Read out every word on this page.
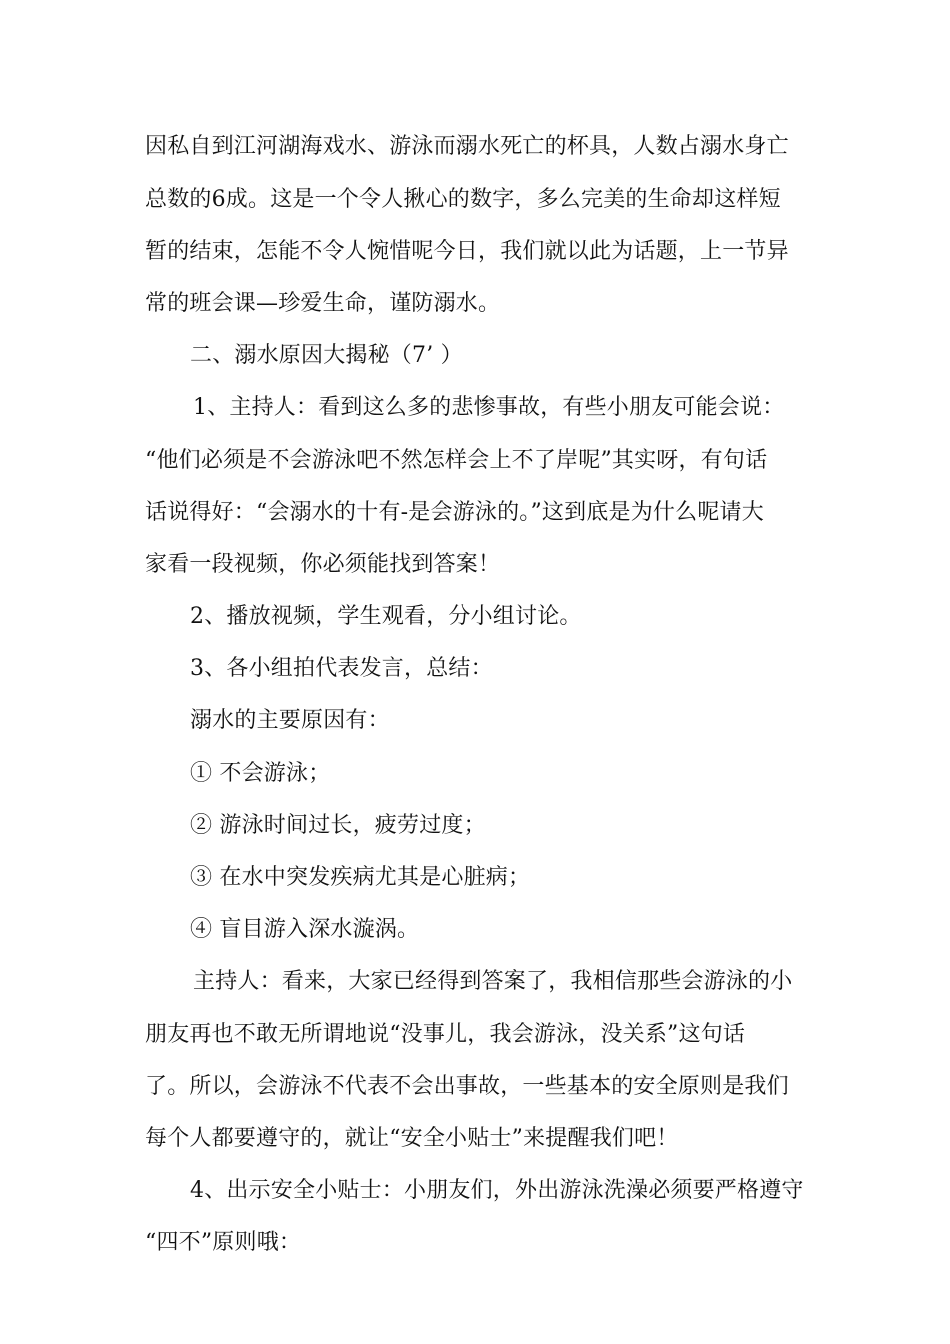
因私自到江河湖海戏水、游泳而溺水死亡的杯具，人数占溺水身亡
总数的6成。这是一个令人揪心的数字，多么完美的生命却这样短
暂的结束，怎能不令人惋惜呢今日，我们就以此为话题，上一节异
常的班会课—珍爱生命，谨防溺水。
二、溺水原因大揭秘（7’ ）
1、主持人：看到这么多的悲惨事故，有些小朋友可能会说：
“他们必须是不会游泳吧不然怎样会上不了岸呢”其实呀，有句话
话说得好：“会溺水的十有-是会游泳的。”这到底是为什么呢请大
家看一段视频，你必须能找到答案！
2、播放视频，学生观看，分小组讨论。
3、各小组拍代表发言，总结：
溺水的主要原因有：
① 不会游泳；
② 游泳时间过长，疲劳过度；
③ 在水中突发疾病尤其是心脏病；
④ 盲目游入深水漩涡。
主持人：看来，大家已经得到答案了，我相信那些会游泳的小
朋友再也不敢无所谓地说“没事儿，我会游泳，没关系”这句话
了。所以，会游泳不代表不会出事故，一些基本的安全原则是我们
每个人都要遵守的，就让“安全小贴士”来提醒我们吧！
4、出示安全小贴士：小朋友们，外出游泳洗澡必须要严格遵守
“四不”原则哦：
